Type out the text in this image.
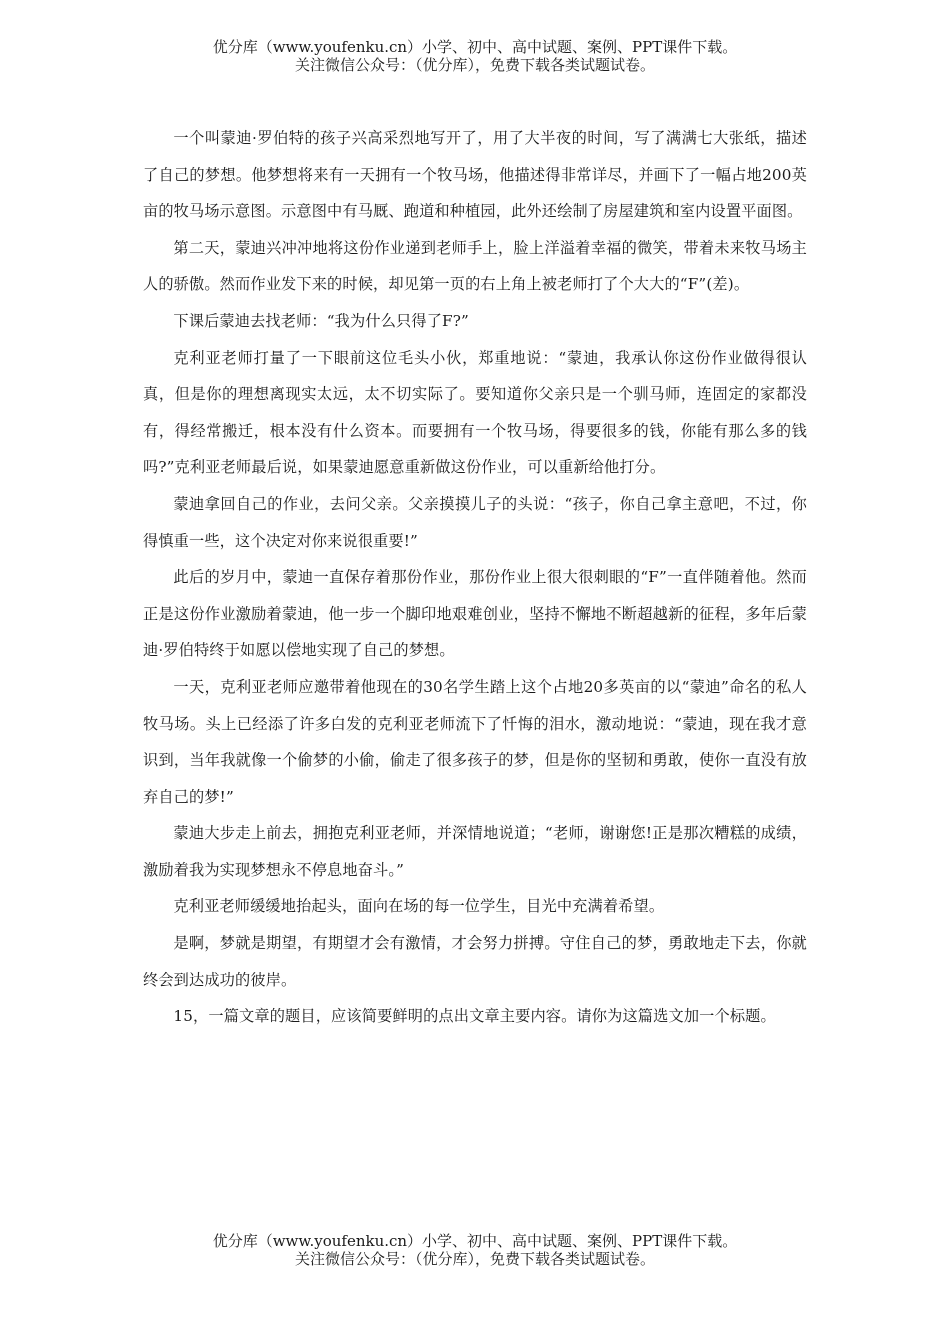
优分库（www.youfenku.cn）小学、初中、高中试题、案例、PPT课件下载。
关注微信公众号：（优分库），免费下载各类试题试卷。

一个叫蒙迪·罗伯特的孩子兴高采烈地写开了，用了大半夜的时间，写了满满七大张纸，描述了自己的梦想。他梦想将来有一天拥有一个牧马场，他描述得非常详尽，并画下了一幅占地200英亩的牧马场示意图。示意图中有马厩、跑道和种植园，此外还绘制了房屋建筑和室内设置平面图。

第二天，蒙迪兴冲冲地将这份作业递到老师手上，脸上洋溢着幸福的微笑，带着未来牧马场主人的骄傲。然而作业发下来的时候，却见第一页的右上角上被老师打了个大大的“F”(差)。

下课后蒙迪去找老师：“我为什么只得了F?”

克利亚老师打量了一下眼前这位毛头小伙，郑重地说：“蒙迪，我承认你这份作业做得很认真，但是你的理想离现实太远，太不切实际了。要知道你父亲只是一个驯马师，连固定的家都没有，得经常搬迁，根本没有什么资本。而要拥有一个牧马场，得要很多的钱，你能有那么多的钱吗?”克利亚老师最后说，如果蒙迪愿意重新做这份作业，可以重新给他打分。

蒙迪拿回自己的作业，去问父亲。父亲摸摸儿子的头说：“孩子，你自己拿主意吧，不过，你得慎重一些，这个决定对你来说很重要!”

此后的岁月中，蒙迪一直保存着那份作业，那份作业上很大很刺眼的“F”一直伴随着他。然而正是这份作业激励着蒙迪，他一步一个脚印地艰难创业，坚持不懈地不断超越新的征程，多年后蒙迪·罗伯特终于如愿以偿地实现了自己的梦想。

一天，克利亚老师应邀带着他现在的30名学生踏上这个占地20多英亩的以“蒙迪”命名的私人牧马场。头上已经添了许多白发的克利亚老师流下了忏悔的泪水，激动地说：“蒙迪，现在我才意识到，当年我就像一个偷梦的小偷，偷走了很多孩子的梦，但是你的坚韧和勇敢，使你一直没有放弃自己的梦!”

蒙迪大步走上前去，拥抱克利亚老师，并深情地说道；“老师，谢谢您!正是那次糟糕的成绩，激励着我为实现梦想永不停息地奋斗。”

克利亚老师缓缓地抬起头，面向在场的每一位学生，目光中充满着希望。

是啊，梦就是期望，有期望才会有激情，才会努力拼搏。守住自己的梦，勇敢地走下去，你就终会到达成功的彼岸。

15，一篇文章的题目，应该简要鲜明的点出文章主要内容。请你为这篇选文加一个标题。

优分库（www.youfenku.cn）小学、初中、高中试题、案例、PPT课件下载。
关注微信公众号：（优分库），免费下载各类试题试卷。
